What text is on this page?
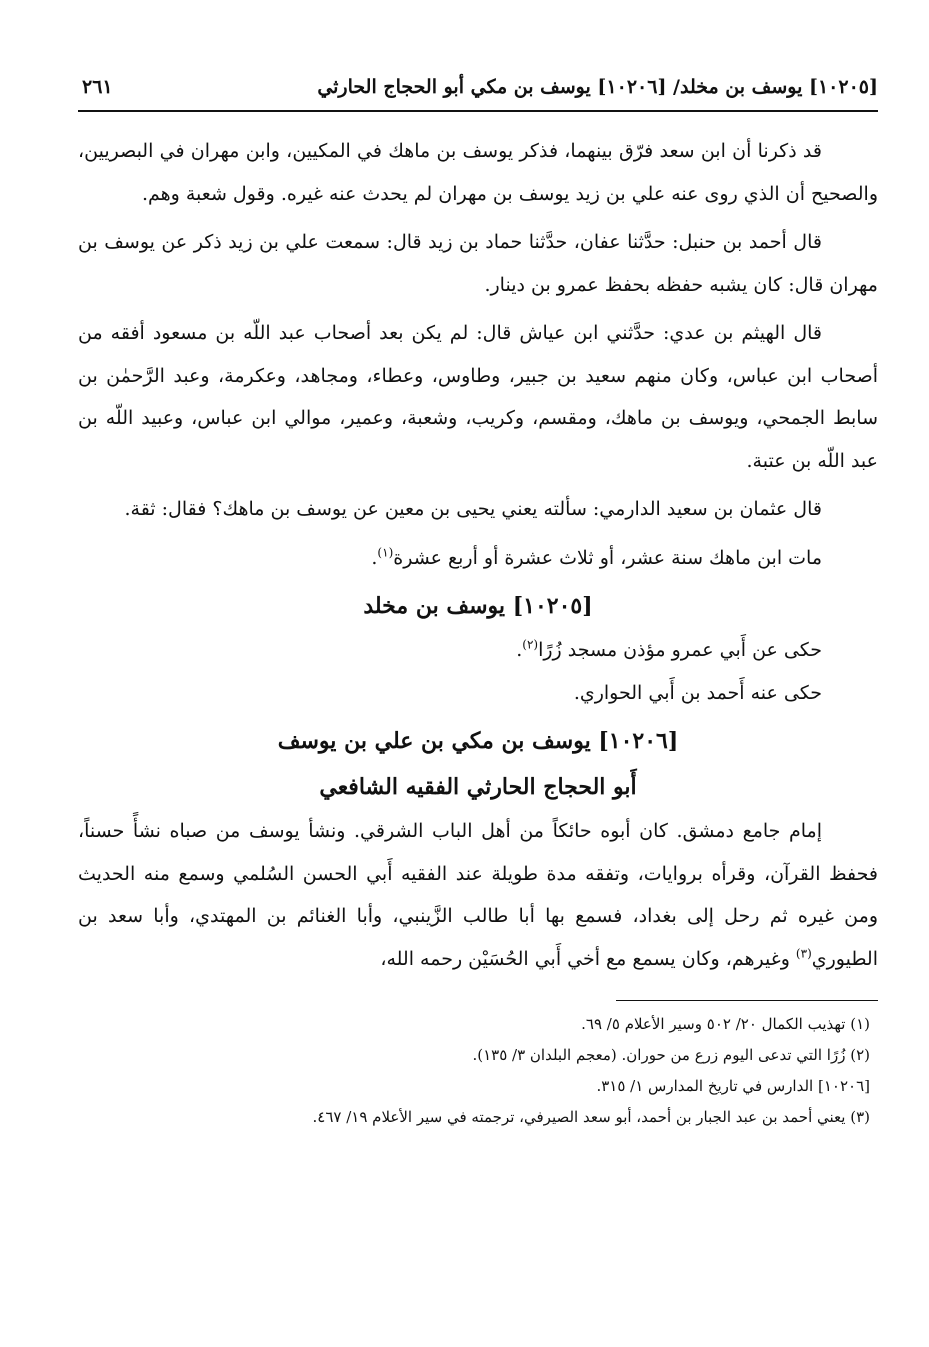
[١٠٢٠٥] يوسف بن مخلد/ [١٠٢٠٦] يوسف بن مكي أبو الحجاج الحارثي
٢٦١

قد ذكرنا أن ابن سعد فرّق بينهما، فذكر يوسف بن ماهك في المكيين، وابن مهران في البصريين، والصحيح أن الذي روى عنه علي بن زيد يوسف بن مهران لم يحدث عنه غيره. وقول شعبة وهم.

قال أحمد بن حنبل: حدَّثنا عفان، حدَّثنا حماد بن زيد قال: سمعت علي بن زيد ذكر عن يوسف بن مهران قال: كان يشبه حفظه بحفظ عمرو بن دينار.

قال الهيثم بن عدي: حدَّثني ابن عياش قال: لم يكن بعد أصحاب عبد اللّه بن مسعود أفقه من أصحاب ابن عباس، وكان منهم سعيد بن جبير، وطاوس، وعطاء، ومجاهد، وعكرمة، وعبد الرَّحمٰن بن سابط الجمحي، ويوسف بن ماهك، ومقسم، وكريب، وشعبة، وعمير، موالي ابن عباس، وعبيد اللّه بن عبد اللّه بن عتبة.

قال عثمان بن سعيد الدارمي: سألته يعني يحيى بن معين عن يوسف بن ماهك؟ فقال: ثقة.

مات ابن ماهك سنة عشر، أو ثلاث عشرة أو أربع عشرة$^{(١)}$.

[١٠٢٠٥] يوسف بن مخلد

حكى عن أَبي عمرو مؤذن مسجد زُرًا$^{(٢)}$.

حكى عنه أَحمد بن أَبي الحواري.

[١٠٢٠٦] يوسف بن مكي بن علي بن يوسف
أَبو الحجاج الحارثي الفقيه الشافعي

إمام جامع دمشق. كان أبوه حائكاً من أهل الباب الشرقي. ونشأ يوسف من صباه نشأً حسناً، فحفظ القرآن، وقرأه بروايات، وتفقه مدة طويلة عند الفقيه أَبي الحسن السُلمي وسمع منه الحديث ومن غيره ثم رحل إلى بغداد، فسمع بها أبا طالب الزَّينبي، وأبا الغنائم بن المهتدي، وأبا سعد بن الطيوري$^{(٣)}$ وغيرهم، وكان يسمع مع أخي أَبي الحُسَيْن رحمه الله،

(١) تهذيب الكمال ٢٠/ ٥٠٢ وسير الأعلام ٥/ ٦٩.
(٢) زُرًا التي تدعى اليوم زرع من حوران. (معجم البلدان ٣/ ١٣٥).
[١٠٢٠٦] الدارس في تاريخ المدارس ١/ ٣١٥.
(٣) يعني أحمد بن عبد الجبار بن أحمد، أبو سعد الصيرفي، ترجمته في سير الأعلام ١٩/ ٤٦٧.
